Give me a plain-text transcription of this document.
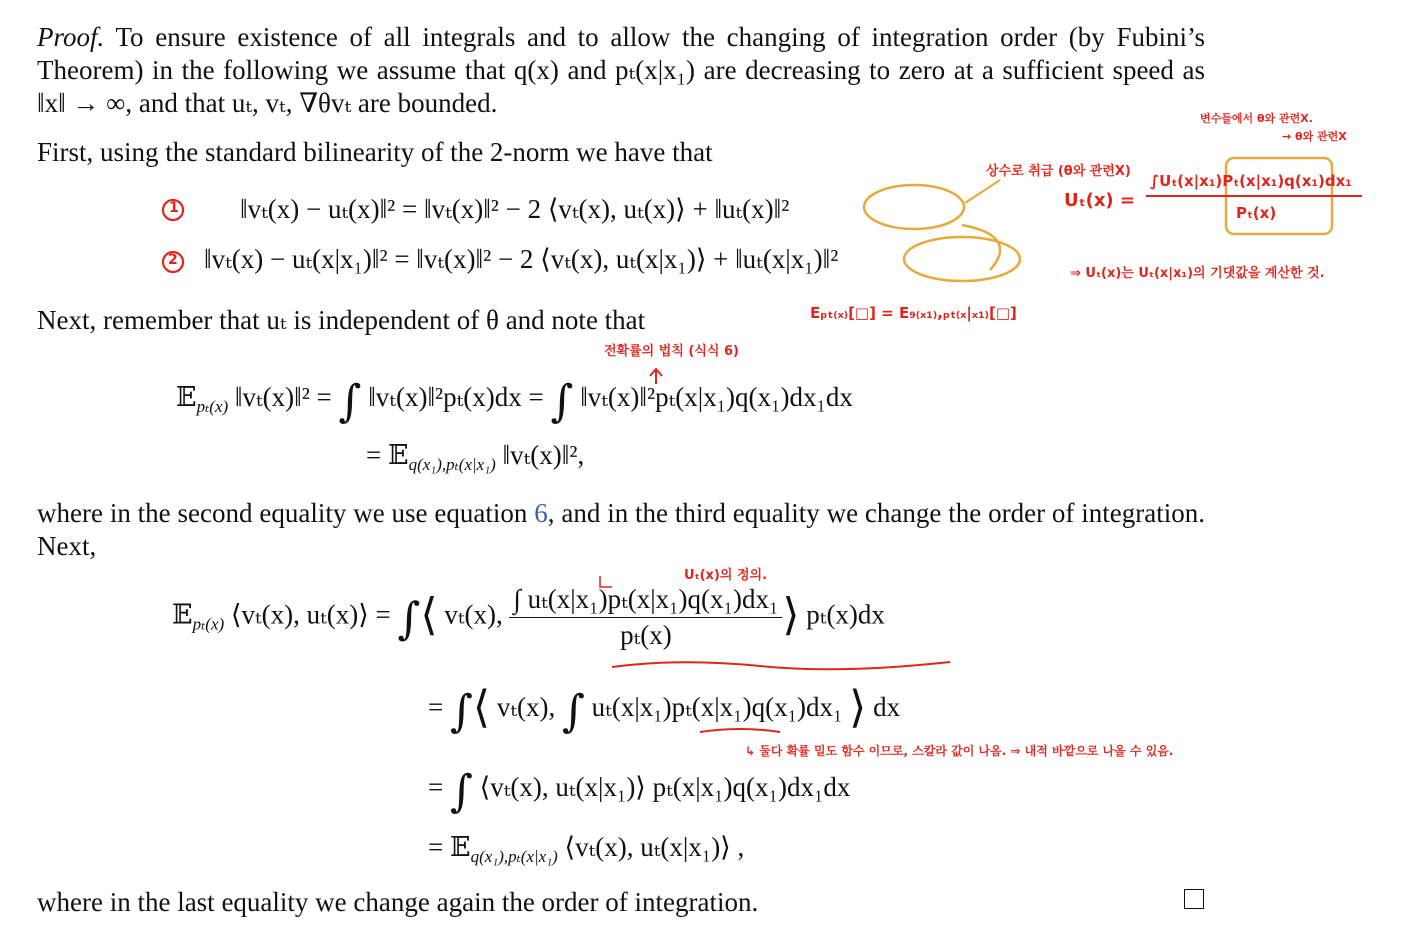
Proof. To ensure existence of all integrals and to allow the changing of integration order (by Fubini’s Theorem) in the following we assume that q(x) and pₜ(x|x₁) are decreasing to zero at a sufficient speed as ‖x‖ → ∞, and that uₜ, vₜ, ∇θvₜ are bounded.
First, using the standard bilinearity of the 2-norm we have that
‖vₜ(x) − uₜ(x)‖² = ‖vₜ(x)‖² − 2 ⟨vₜ(x), uₜ(x)⟩ + ‖uₜ(x)‖²
‖vₜ(x) − uₜ(x|x₁)‖² = ‖vₜ(x)‖² − 2 ⟨vₜ(x), uₜ(x|x₁)⟩ + ‖uₜ(x|x₁)‖²
Next, remember that uₜ is independent of θ and note that
𝔼$_{p_t(x)}$ ‖vₜ(x)‖² = ∫ ‖vₜ(x)‖²pₜ(x)dx = ∫ ‖vₜ(x)‖²pₜ(x|x₁)q(x₁)dx₁dx
= 𝔼$_{q(x_1),p_t(x|x_1)}$ ‖vₜ(x)‖²,
where in the second equality we use equation 6, and in the third equality we change the order of integration. Next,
𝔼$_{p_t(x)}$ ⟨vₜ(x), uₜ(x)⟩ = ∫⟨ vₜ(x), $\frac{\text{∫ uₜ(x|x₁)pₜ(x|x₁)q(x₁)dx₁}}{\text{pₜ(x)}}$ ⟩ pₜ(x)dx
= ∫⟨ vₜ(x), ∫ uₜ(x|x₁)pₜ(x|x₁)q(x₁)dx₁ ⟩ dx
= ∫ ⟨vₜ(x), uₜ(x|x₁)⟩ pₜ(x|x₁)q(x₁)dx₁dx
= 𝔼$_{q(x_1),p_t(x|x_1)}$ ⟨vₜ(x), uₜ(x|x₁)⟩ ,
where in the last equality we change again the order of integration.
상수로 취급 (θ와 관련X)
변수들에서 θ와 관련X.
→ θ와 관련X
Uₜ(x) =
∫Uₜ(x|x₁)Pₜ(x|x₁)q(x₁)dx₁
Pₜ(x)
⇒ Uₜ(x)는 Uₜ(x|x₁)의 기댓값을 계산한 것.
Eₚₜ₍ₓ₎[□] = E₉₍ₓ₁₎,ₚₜ₍ₓ|ₓ₁₎[□]
전확률의 법칙 (식식 6)
Uₜ(x)의 정의.
↳ 둘다 확률 밀도 함수 이므로, 스칼라 값이 나옴. ⇒ 내적 바깥으로 나올 수 있음.
1
2
